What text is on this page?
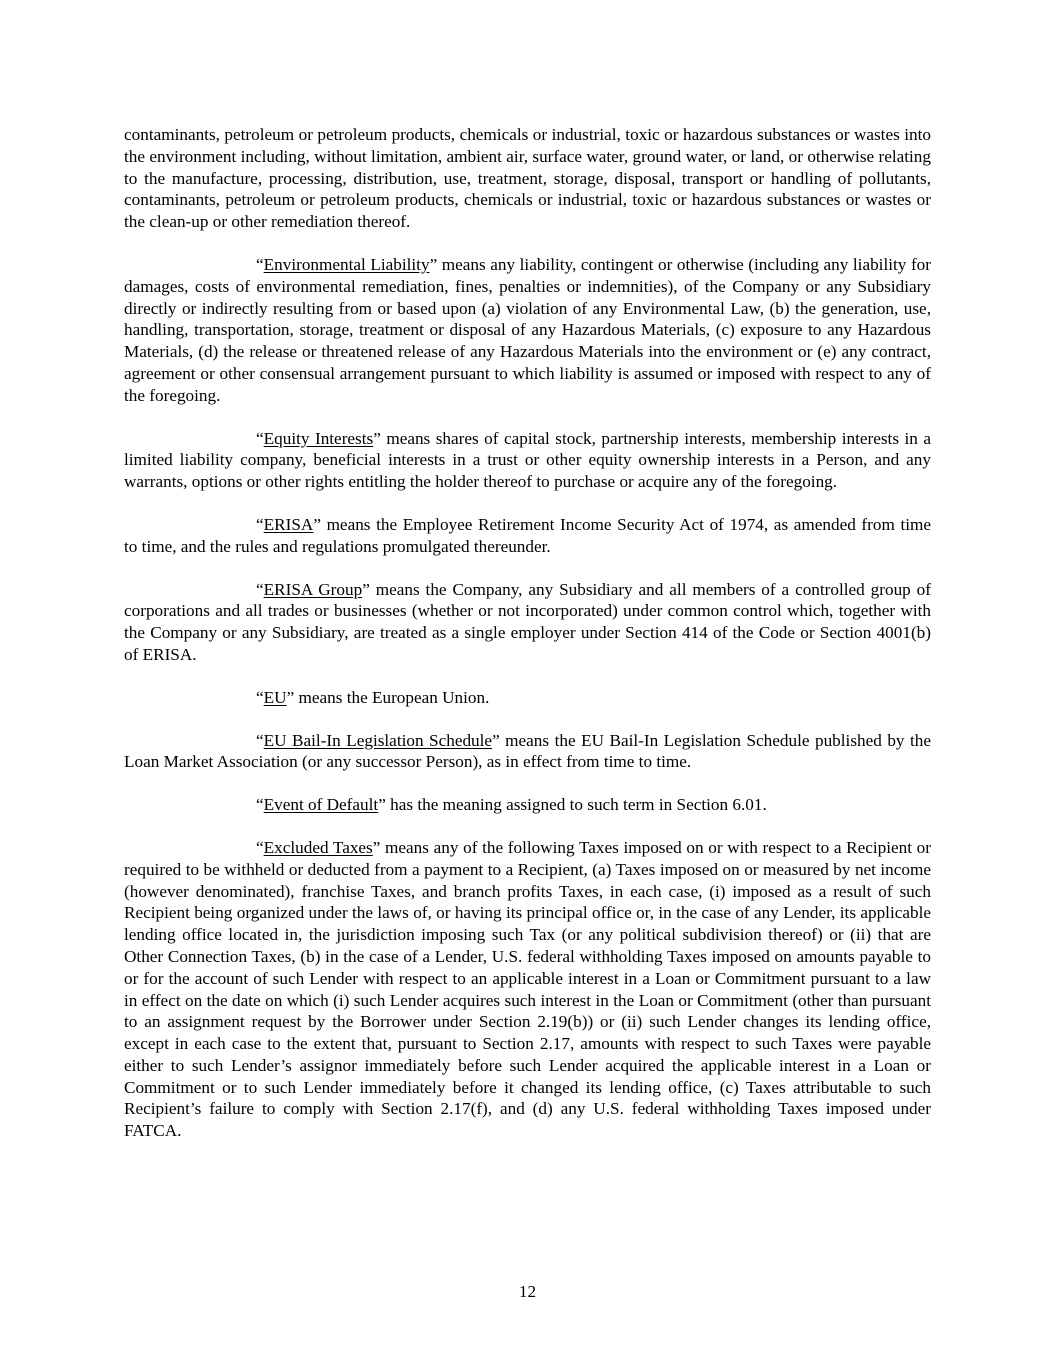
contaminants, petroleum or petroleum products, chemicals or industrial, toxic or hazardous substances or wastes into the environment including, without limitation, ambient air, surface water, ground water, or land, or otherwise relating to the manufacture, processing, distribution, use, treatment, storage, disposal, transport or handling of pollutants, contaminants, petroleum or petroleum products, chemicals or industrial, toxic or hazardous substances or wastes or the clean-up or other remediation thereof.

“Environmental Liability” means any liability, contingent or otherwise (including any liability for damages, costs of environmental remediation, fines, penalties or indemnities), of the Company or any Subsidiary directly or indirectly resulting from or based upon (a) violation of any Environmental Law, (b) the generation, use, handling, transportation, storage, treatment or disposal of any Hazardous Materials, (c) exposure to any Hazardous Materials, (d) the release or threatened release of any Hazardous Materials into the environment or (e) any contract, agreement or other consensual arrangement pursuant to which liability is assumed or imposed with respect to any of the foregoing.

“Equity Interests” means shares of capital stock, partnership interests, membership interests in a limited liability company, beneficial interests in a trust or other equity ownership interests in a Person, and any warrants, options or other rights entitling the holder thereof to purchase or acquire any of the foregoing.

“ERISA” means the Employee Retirement Income Security Act of 1974, as amended from time to time, and the rules and regulations promulgated thereunder.

“ERISA Group” means the Company, any Subsidiary and all members of a controlled group of corporations and all trades or businesses (whether or not incorporated) under common control which, together with the Company or any Subsidiary, are treated as a single employer under Section 414 of the Code or Section 4001(b) of ERISA.

“EU” means the European Union.

“EU Bail-In Legislation Schedule” means the EU Bail-In Legislation Schedule published by the Loan Market Association (or any successor Person), as in effect from time to time.

“Event of Default” has the meaning assigned to such term in Section 6.01.

“Excluded Taxes” means any of the following Taxes imposed on or with respect to a Recipient or required to be withheld or deducted from a payment to a Recipient, (a) Taxes imposed on or measured by net income (however denominated), franchise Taxes, and branch profits Taxes, in each case, (i) imposed as a result of such Recipient being organized under the laws of, or having its principal office or, in the case of any Lender, its applicable lending office located in, the jurisdiction imposing such Tax (or any political subdivision thereof) or (ii) that are Other Connection Taxes, (b) in the case of a Lender, U.S. federal withholding Taxes imposed on amounts payable to or for the account of such Lender with respect to an applicable interest in a Loan or Commitment pursuant to a law in effect on the date on which (i) such Lender acquires such interest in the Loan or Commitment (other than pursuant to an assignment request by the Borrower under Section 2.19(b)) or (ii) such Lender changes its lending office, except in each case to the extent that, pursuant to Section 2.17, amounts with respect to such Taxes were payable either to such Lender’s assignor immediately before such Lender acquired the applicable interest in a Loan or Commitment or to such Lender immediately before it changed its lending office, (c) Taxes attributable to such Recipient’s failure to comply with Section 2.17(f), and (d) any U.S. federal withholding Taxes imposed under FATCA.

12
